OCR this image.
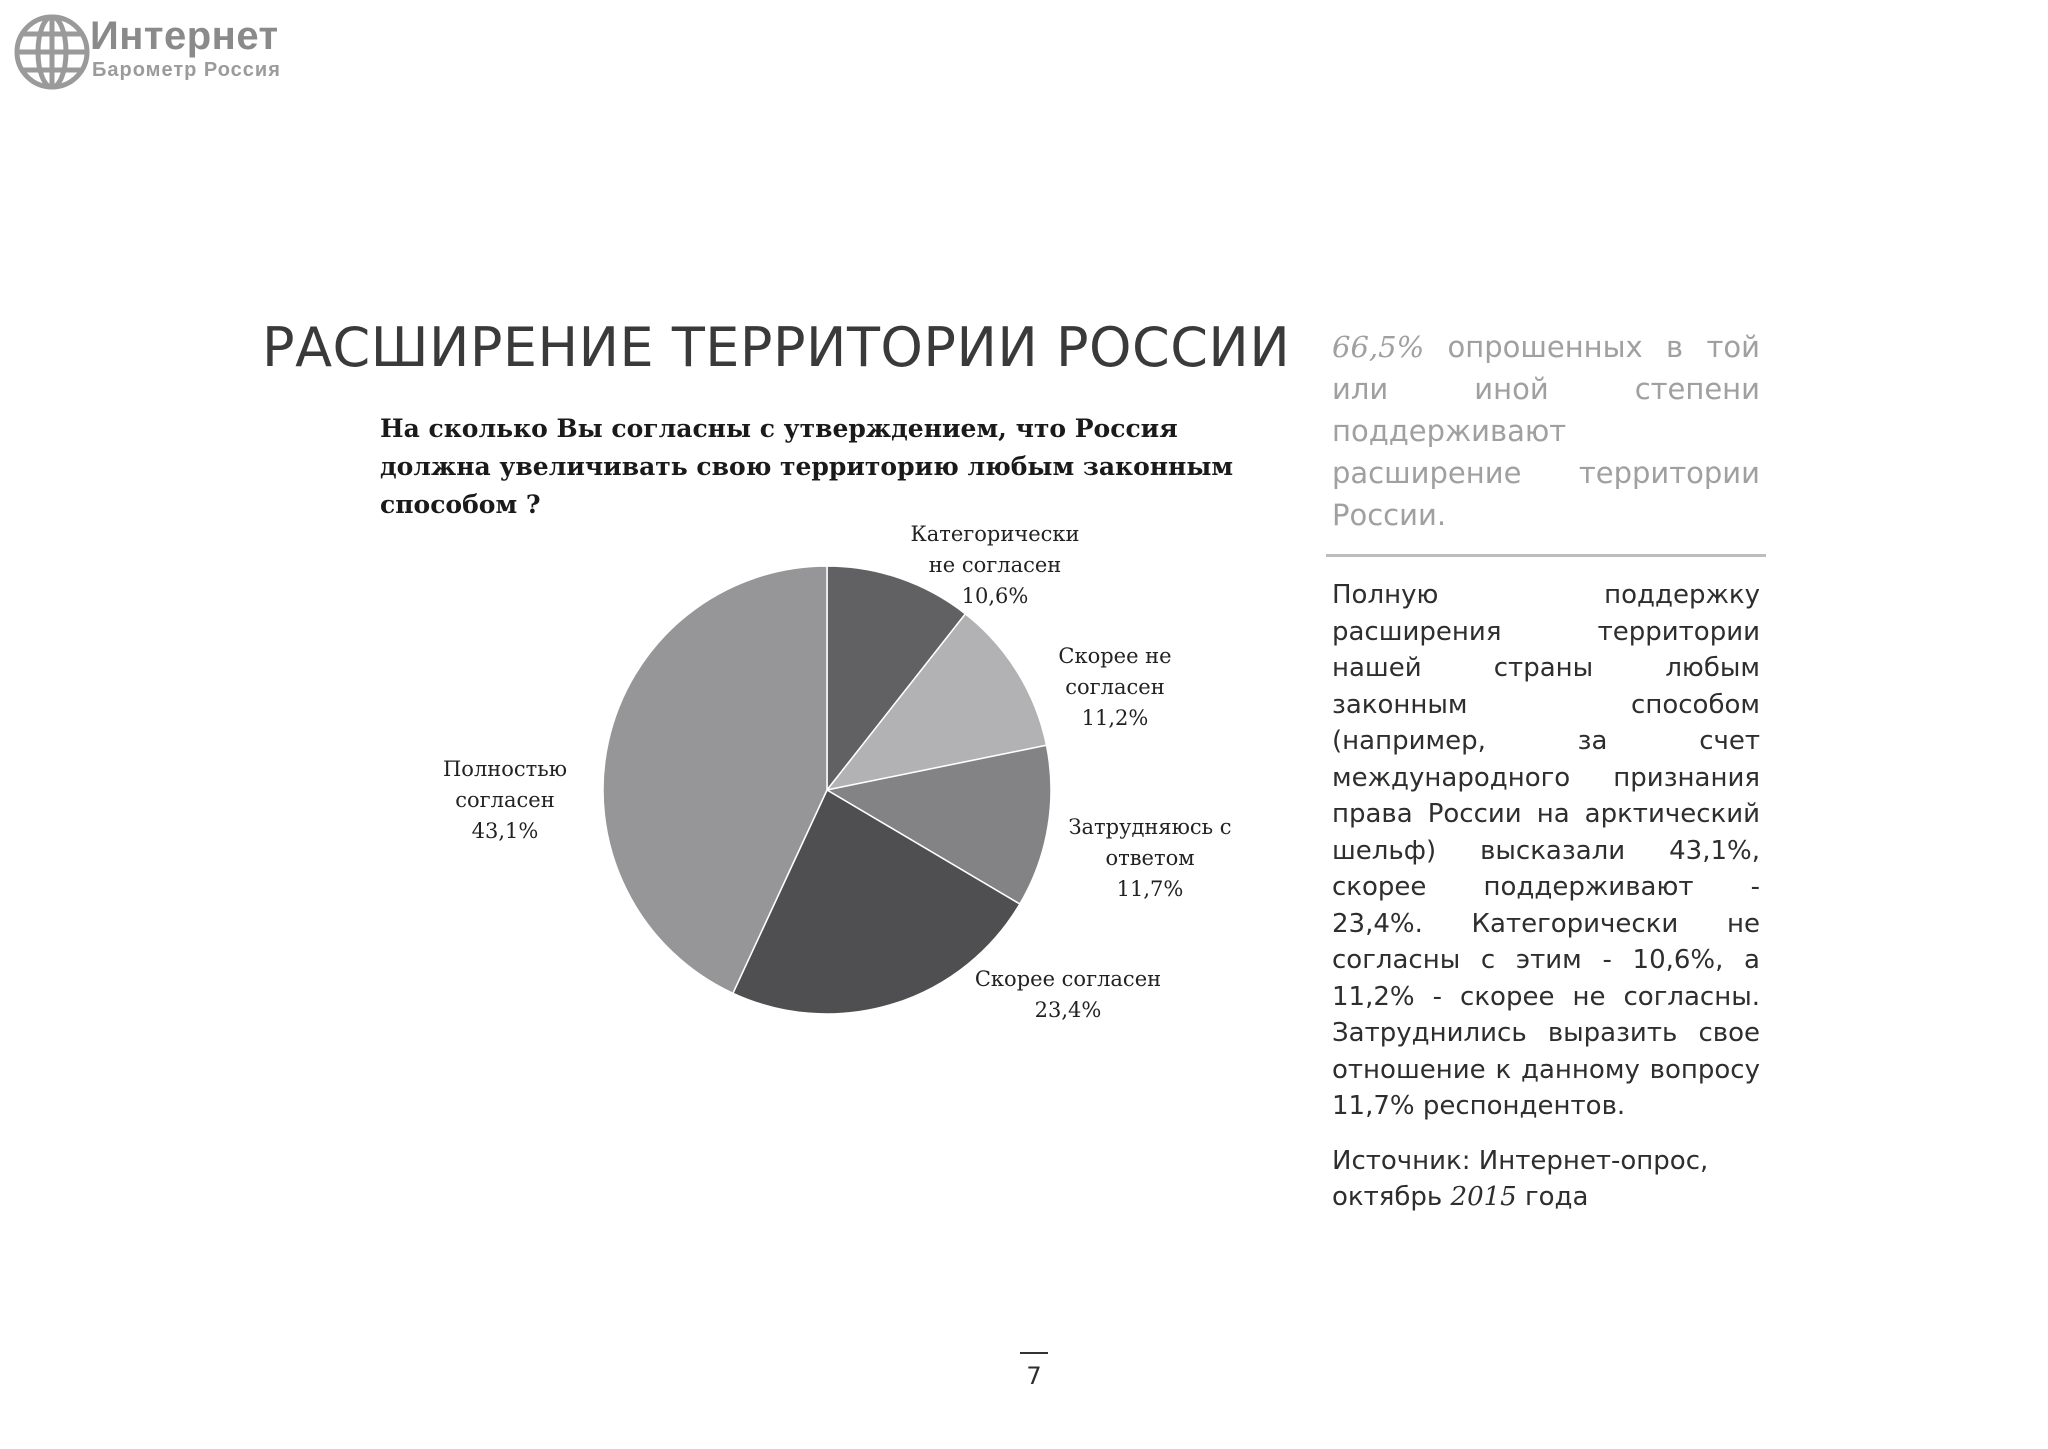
Интернет

Барометр Россия

РАСШИРЕНИЕ ТЕРРИТОРИИ РОССИИ
Категорически не согласен 10,6%
Скорее не согласен 11,2%
Затрудняюсь с ответом 11,7%
Скорее согласен 23,4%
Полностью согласен 43,1%

На сколько Вы согласны с утверждением, что Россия должна увеличивать свою территорию любым законным способом ?

66,5% опрошенных в той или иной степени поддерживают расширение территории России.

Полную поддержку расширения территории нашей страны любым законным способом (например, за счет международного признания права России на арктический шельф) высказали 43,1%, скорее поддерживают - 23,4%. Категорически не согласны с этим - 10,6%, а 11,2% - скорее не согласны. Затруднились выразить свое отношение к данному вопросу 11,7% респондентов.

Источник: Интернет-опрос, октябрь 2015 года

7
